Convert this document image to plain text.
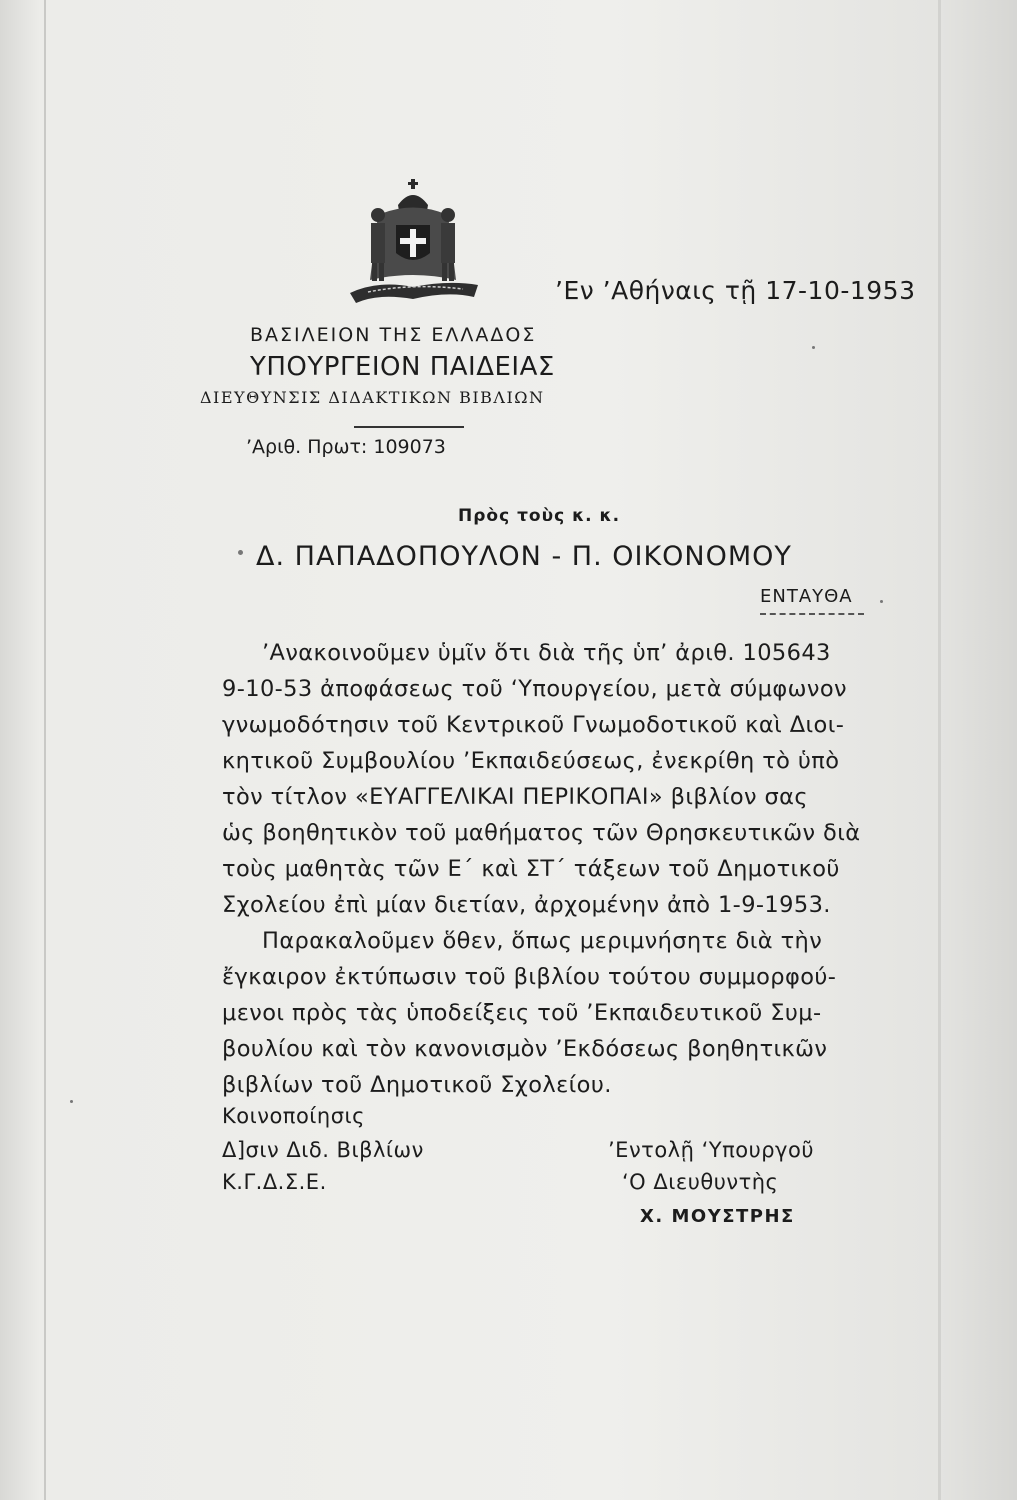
’Εν ’Αθήναις τῇ 17-10-1953
ΒΑΣΙΛΕΙΟΝ ΤΗΣ ΕΛΛΑΔΟΣ
ΥΠΟΥΡΓΕΙΟΝ ΠΑΙΔΕΙΑΣ
ΔΙΕΥΘΥΝΣΙΣ ΔΙΔΑΚΤΙΚΩΝ ΒΙΒΛΙΩΝ
’Αριθ. Πρωτ: 109073
Πρὸς τοὺς κ. κ.
Δ. ΠΑΠΑΔΟΠΟΥΛΟΝ - Π. ΟΙΚΟΝΟΜΟΥ
ΕΝΤΑΥΘΑ
’Ανακοινοῦμεν ὑμῖν ὅτι διὰ τῆς ὑπ’ ἀριθ. 105643
9-10-53 ἀποφάσεως τοῦ ‘Υπουργείου, μετὰ σύμφωνον
γνωμοδότησιν τοῦ Κεντρικοῦ Γνωμοδοτικοῦ καὶ Διοι-
κητικοῦ Συμβουλίου ’Εκπαιδεύσεως, ἐνεκρίθη τὸ ὑπὸ
τὸν τίτλον «ΕΥΑΓΓΕΛΙΚΑΙ ΠΕΡΙΚΟΠΑΙ» βιβλίον σας
ὡς βοηθητικὸν τοῦ μαθήματος τῶν Θρησκευτικῶν διὰ
τοὺς μαθητὰς τῶν Ε΄ καὶ ΣΤ΄ τάξεων τοῦ Δημοτικοῦ
Σχολείου ἐπὶ μίαν διετίαν, ἀρχομένην ἀπὸ 1-9-1953.
Παρακαλοῦμεν ὅθεν, ὅπως μεριμνήσητε διὰ τὴν
ἔγκαιρον ἐκτύπωσιν τοῦ βιβλίου τούτου συμμορφού-
μενοι πρὸς τὰς ὑποδείξεις τοῦ ’Εκπαιδευτικοῦ Συμ-
βουλίου καὶ τὸν κανονισμὸν ’Εκδόσεως βοηθητικῶν
βιβλίων τοῦ Δημοτικοῦ Σχολείου.
Κοινοποίησις
Δ]σιν Διδ. Βιβλίων
Κ.Γ.Δ.Σ.Ε.
’Εντολῇ ‘Υπουργοῦ
‘Ο Διευθυντὴς
Χ. ΜΟΥΣΤΡΗΣ
